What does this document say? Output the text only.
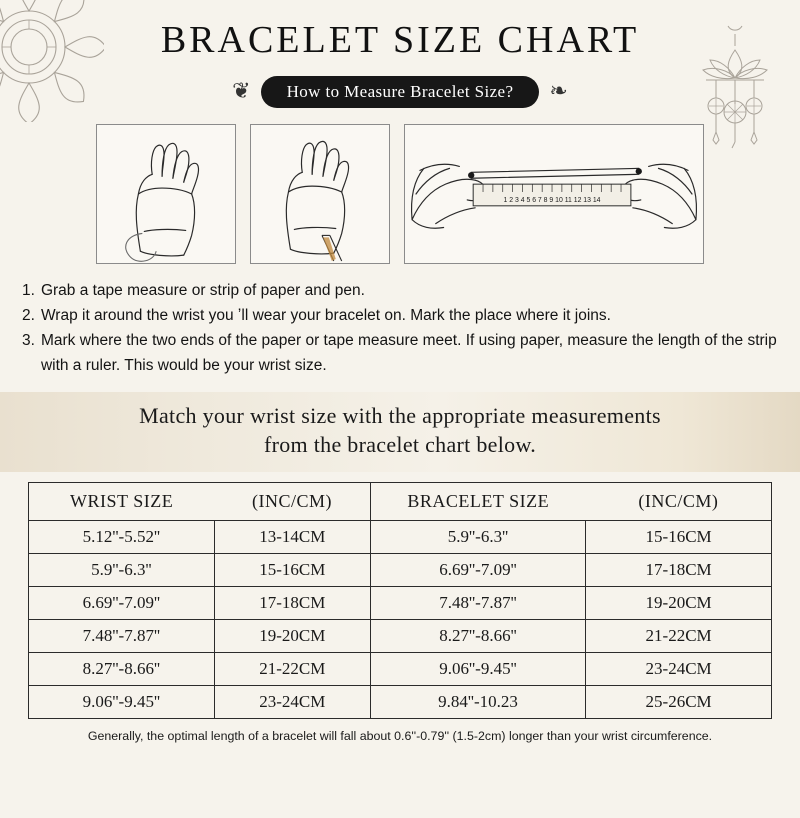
BRACELET SIZE CHART
❦	How to Measure Bracelet Size?	❧
1 2 3 4 5 6 7 8 9 10 11 12 13 14
1. Grab a tape measure or strip of paper and pen.
2. Wrap it around the wrist you ʼll wear your bracelet on. Mark the place where it joins.
3. Mark where the two ends of the paper or tape measure meet. If using paper, measure the length of the strip with a ruler. This would be your wrist size.
Match your wrist size with the appropriate measurements
from the bracelet chart below.
WRIST SIZE	(INC/CM)	BRACELET SIZE	(INC/CM)
5.12''-5.52''	13-14CM	5.9''-6.3''	15-16CM
5.9''-6.3''	15-16CM	6.69''-7.09''	17-18CM
6.69''-7.09''	17-18CM	7.48''-7.87''	19-20CM
7.48''-7.87''	19-20CM	8.27''-8.66''	21-22CM
8.27''-8.66''	21-22CM	9.06''-9.45''	23-24CM
9.06''-9.45''	23-24CM	9.84''-10.23	25-26CM
Generally, the optimal length of a bracelet will fall about 0.6''-0.79'' (1.5-2cm) longer than your wrist circumference.
